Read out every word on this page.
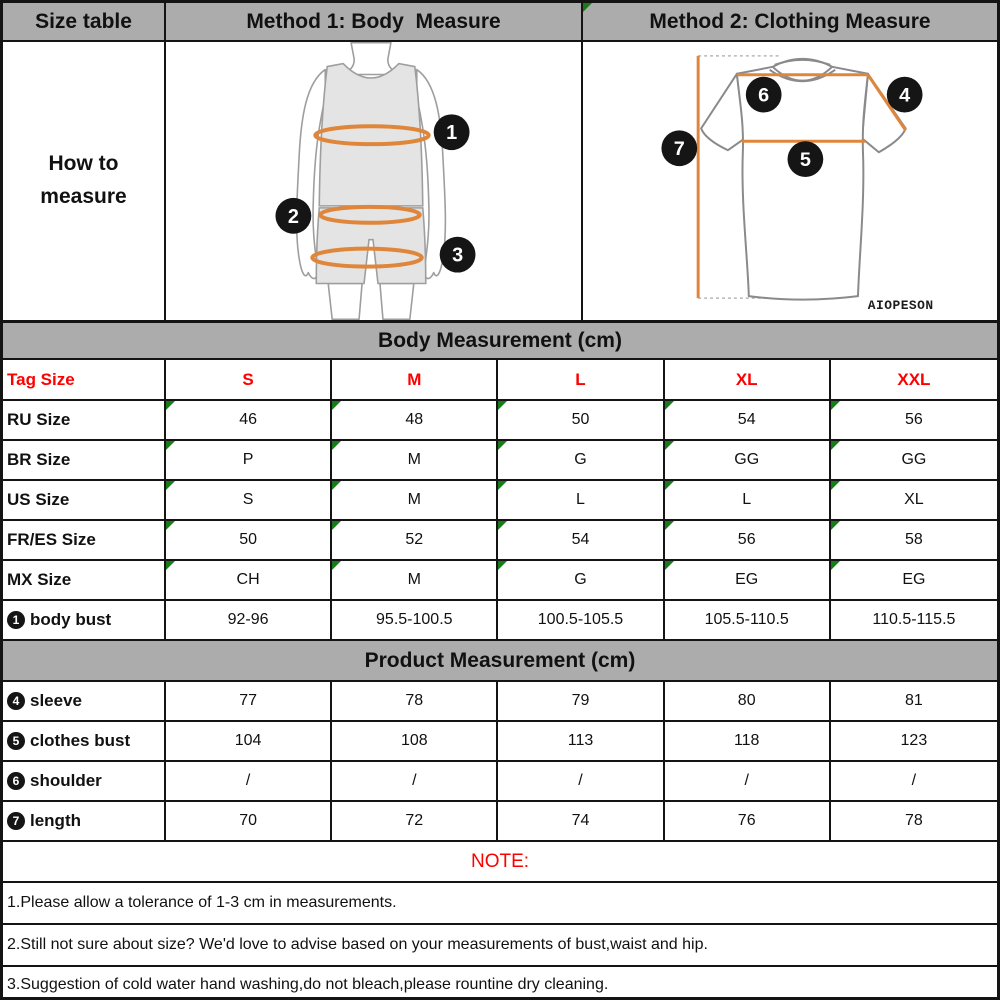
Size table	Method 1: Body  Measure	Method 2: Clothing Measure
How to measure
1
2
3
6	4
7	5
AIOPESON
Body Measurement (cm)
Tag Size	S	M	L	XL	XXL
RU Size	46	48	50	54	56
BR Size	P	M	G	GG	GG
US Size	S	M	L	L	XL
FR/ES Size	50	52	54	56	58
MX Size	CH	M	G	EG	EG
1 body bust	92-96	95.5-100.5	100.5-105.5	105.5-110.5	110.5-115.5
Product Measurement (cm)
4 sleeve	77	78	79	80	81
5 clothes bust	104	108	113	118	123
6 shoulder	/	/	/	/	/
7 length	70	72	74	76	78
NOTE:
1.Please allow a tolerance of 1-3 cm in measurements.
2.Still not sure about size? We'd love to advise based on your measurements of bust,waist and hip.
3.Suggestion of cold water hand washing,do not bleach,please rountine dry cleaning.
